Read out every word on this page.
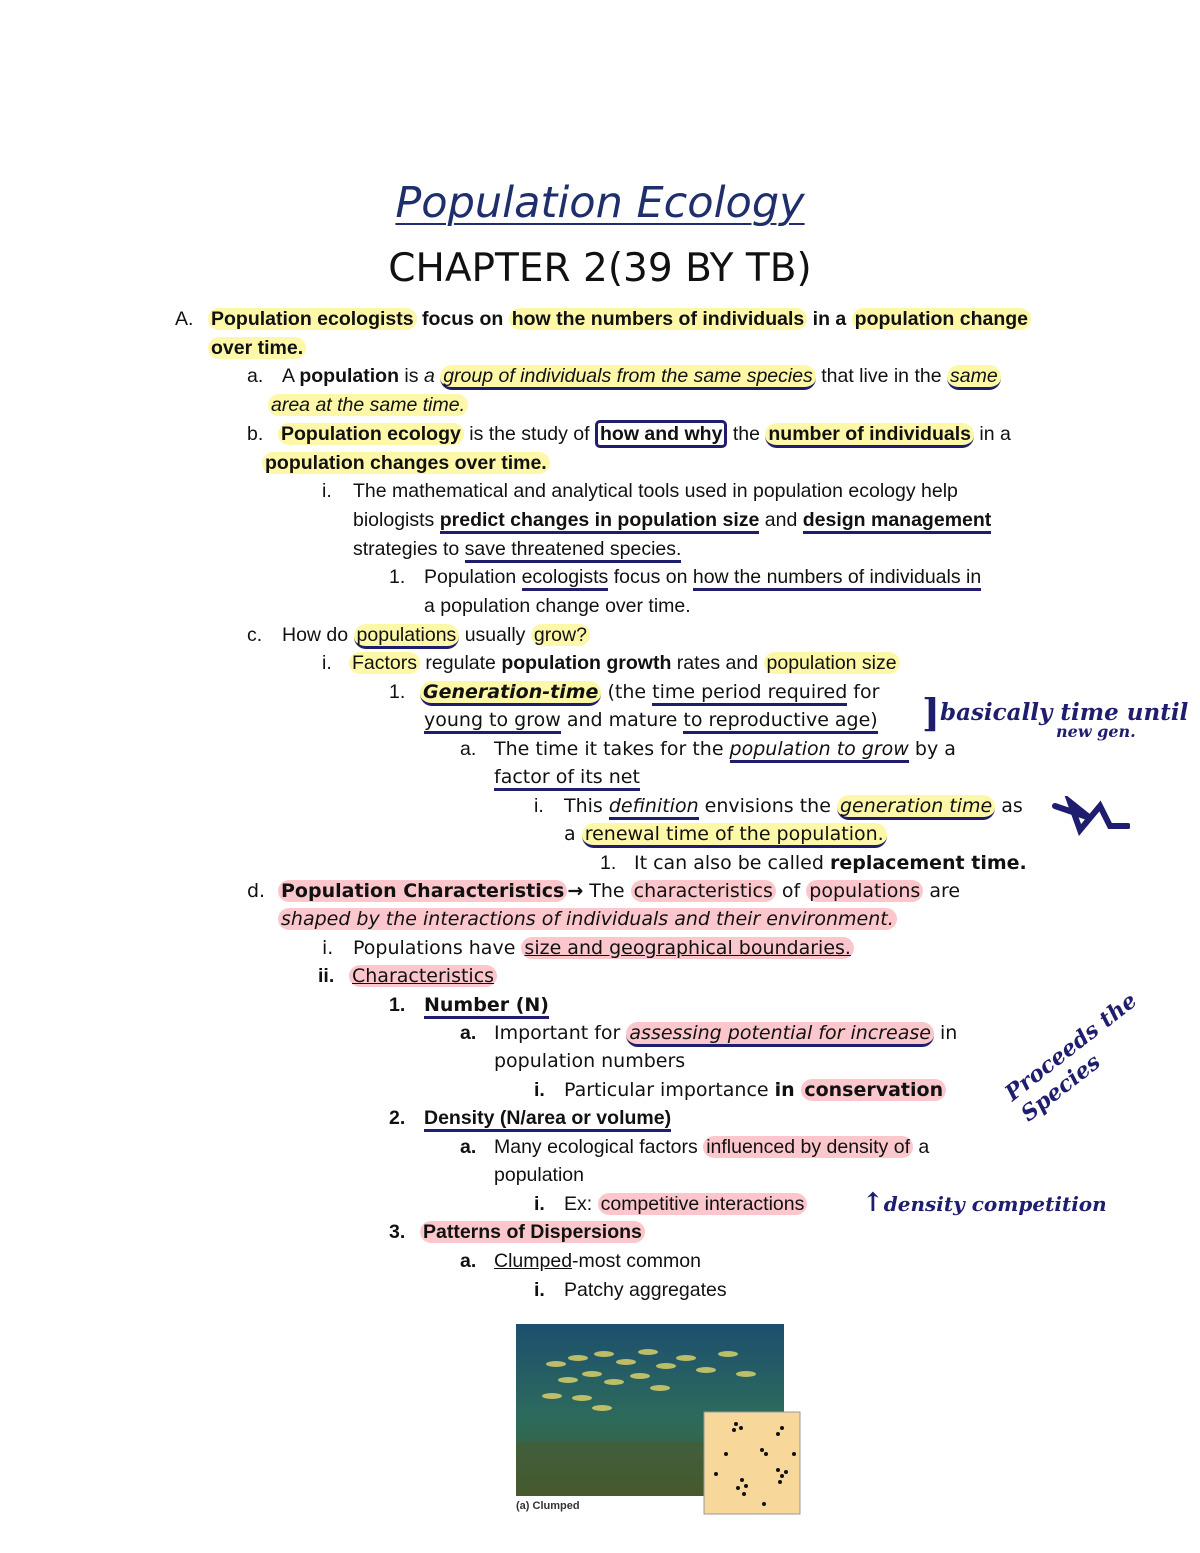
Population Ecology
CHAPTER 2(39 BY TB)
A. Population ecologists focus on how the numbers of individuals in a population change
over time.
a. A population is a group of individuals from the same species that live in the same
area at the same time.
b. Population ecology is the study of how and why the number of individuals in a
population changes over time.
i. The mathematical and analytical tools used in population ecology help
biologists predict changes in population size and design management
strategies to save threatened species.
1. Population ecologists focus on how the numbers of individuals in
a population change over time.
c. How do populations usually grow?
i. Factors regulate population growth rates and population size
1. Generation-time (the time period required for
young to grow and mature to reproductive age)
a. The time it takes for the population to grow by a
factor of its net
i. This definition envisions the generation time as
a renewal time of the population.
1. It can also be called replacement time.
d. Population Characteristics → The characteristics of populations are
shaped by the interactions of individuals and their environment.
i. Populations have size and geographical boundaries.
ii. Characteristics
1. Number (N)
a. Important for assessing potential for increase in
population numbers
i. Particular importance in conservation
2. Density (N/area or volume)
a. Many ecological factors influenced by density of a
population
i. Ex: competitive interactions
3. Patterns of Dispersions
a. Clumped-most common
i. Patchy aggregates
]basically time until
new gen.
Proceeds the Species
↑density competition
(a) Clumped
